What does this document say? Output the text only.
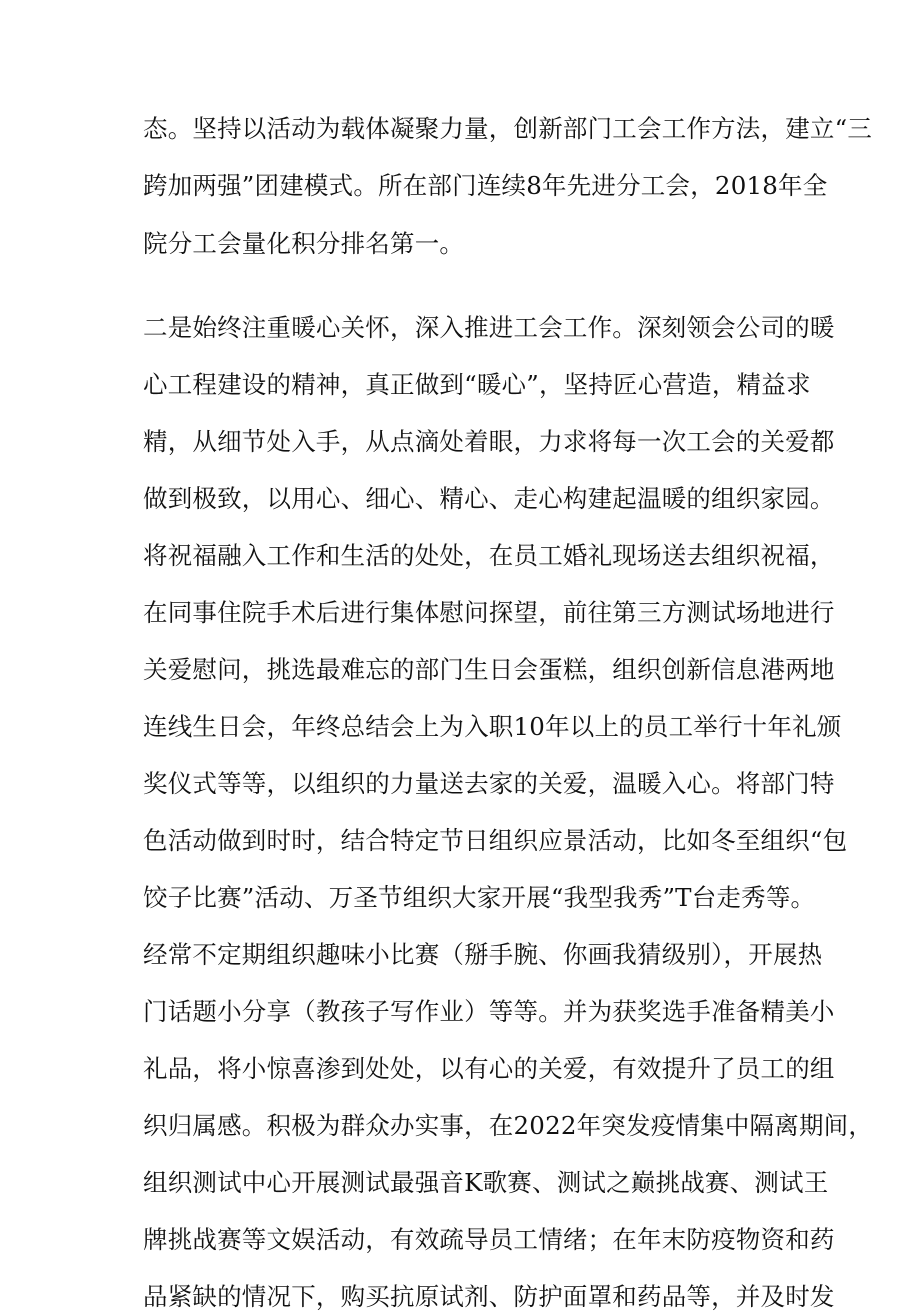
态。坚持以活动为载体凝聚力量，创新部门工会工作方法，建立“三
跨加两强”团建模式。所在部门连续8年先进分工会，2018年全
院分工会量化积分排名第一。
二是始终注重暖心关怀，深入推进工会工作。深刻领会公司的暖
心工程建设的精神，真正做到“暖心”，坚持匠心营造，精益求
精，从细节处入手，从点滴处着眼，力求将每一次工会的关爱都
做到极致，以用心、细心、精心、走心构建起温暖的组织家园。
将祝福融入工作和生活的处处，在员工婚礼现场送去组织祝福，
在同事住院手术后进行集体慰问探望，前往第三方测试场地进行
关爱慰问，挑选最难忘的部门生日会蛋糕，组织创新信息港两地
连线生日会，年终总结会上为入职10年以上的员工举行十年礼颁
奖仪式等等，以组织的力量送去家的关爱，温暖入心。将部门特
色活动做到时时，结合特定节日组织应景活动，比如冬至组织“包
饺子比赛”活动、万圣节组织大家开展“我型我秀”T台走秀等。
经常不定期组织趣味小比赛（掰手腕、你画我猜级别），开展热
门话题小分享（教孩子写作业）等等。并为获奖选手准备精美小
礼品，将小惊喜渗到处处，以有心的关爱，有效提升了员工的组
织归属感。积极为群众办实事，在2022年突发疫情集中隔离期间，
组织测试中心开展测试最强音K歌赛、测试之巅挑战赛、测试王
牌挑战赛等文娱活动，有效疏导员工情绪；在年末防疫物资和药
品紧缺的情况下，购买抗原试剂、防护面罩和药品等，并及时发
